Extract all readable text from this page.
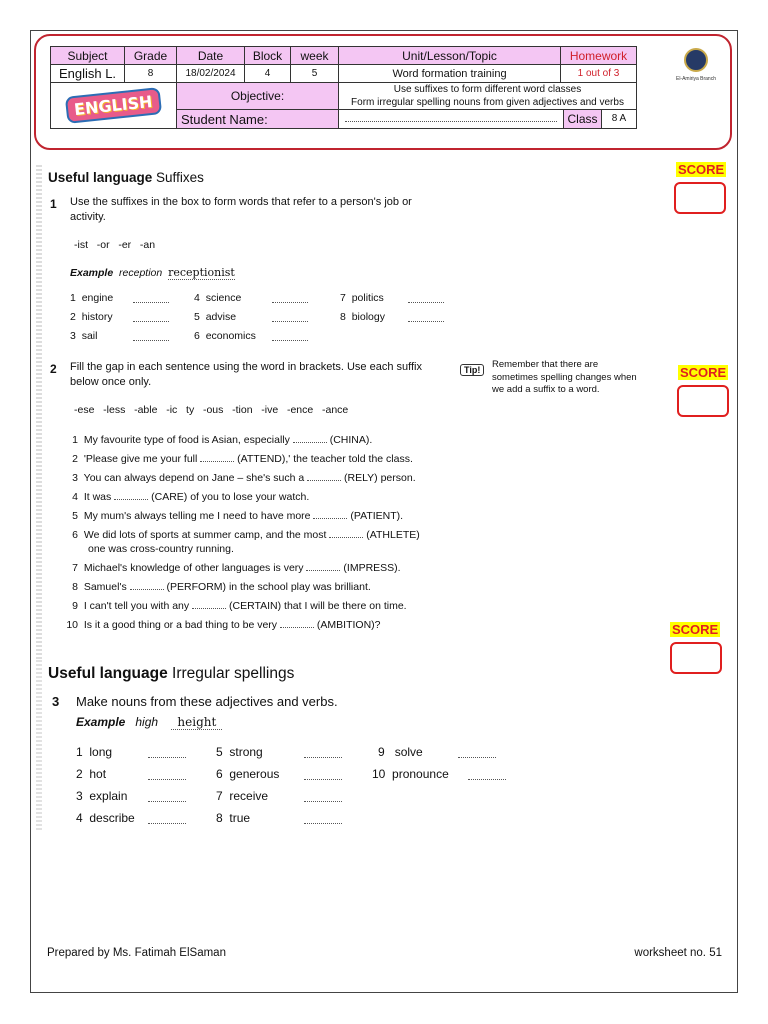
Subject	Grade	Date	Block	week	Unit/Lesson/Topic	Homework
English L.	8	18/02/2024	4	5	Word formation training	1 out of 3

ENGLISH		Objective:			Use suffixes to form different word classes
Form irregular spelling nouns from given adjectives and verbs	

		Student Name:			Class 8 A	
El-Amiriya Branch
SCORE
SCORE
SCORE
Useful language Suffixes
1 Use the suffixes in the box to form words that refer to a person's job or
activity.
-ist   -or   -er   -an
Example reception receptionist
1 engine	4 science	7 politics
2 history	5 advise	8 biology
3 sail	6 economics
2 Fill the gap in each sentence using the word in brackets. Use each suffix
below once only.
Tip!	Remember that there are
sometimes spelling changes when
we add a suffix to a word.
-ese   -less   -able   -ic   ty   -ous   -tion   -ive   -ence   -ance
1 My favourite type of food is Asian, especially	(CHINA).
2 'Please give me your full	(ATTEND),' the teacher told the class.
3 You can always depend on Jane – she's such a	(RELY) person.
4 It was	(CARE) of you to lose your watch.
5 My mum's always telling me I need to have more	(PATIENT).
6 We did lots of sports at summer camp, and the most	(ATHLETE)
one was cross-country running.
7 Michael's knowledge of other languages is very	(IMPRESS).
8 Samuel's	(PERFORM) in the school play was brilliant.
9 I can't tell you with any	(CERTAIN) that I will be there on time.
10 Is it a good thing or a bad thing to be very	(AMBITION)?
Useful language Irregular spellings
3 Make nouns from these adjectives and verbs.
Example high height
1 long	5 strong	9 solve
2 hot	6 generous	10 pronounce
3 explain	7 receive
4 describe	8 true
Prepared by Ms. Fatimah ElSaman	worksheet no. 51
